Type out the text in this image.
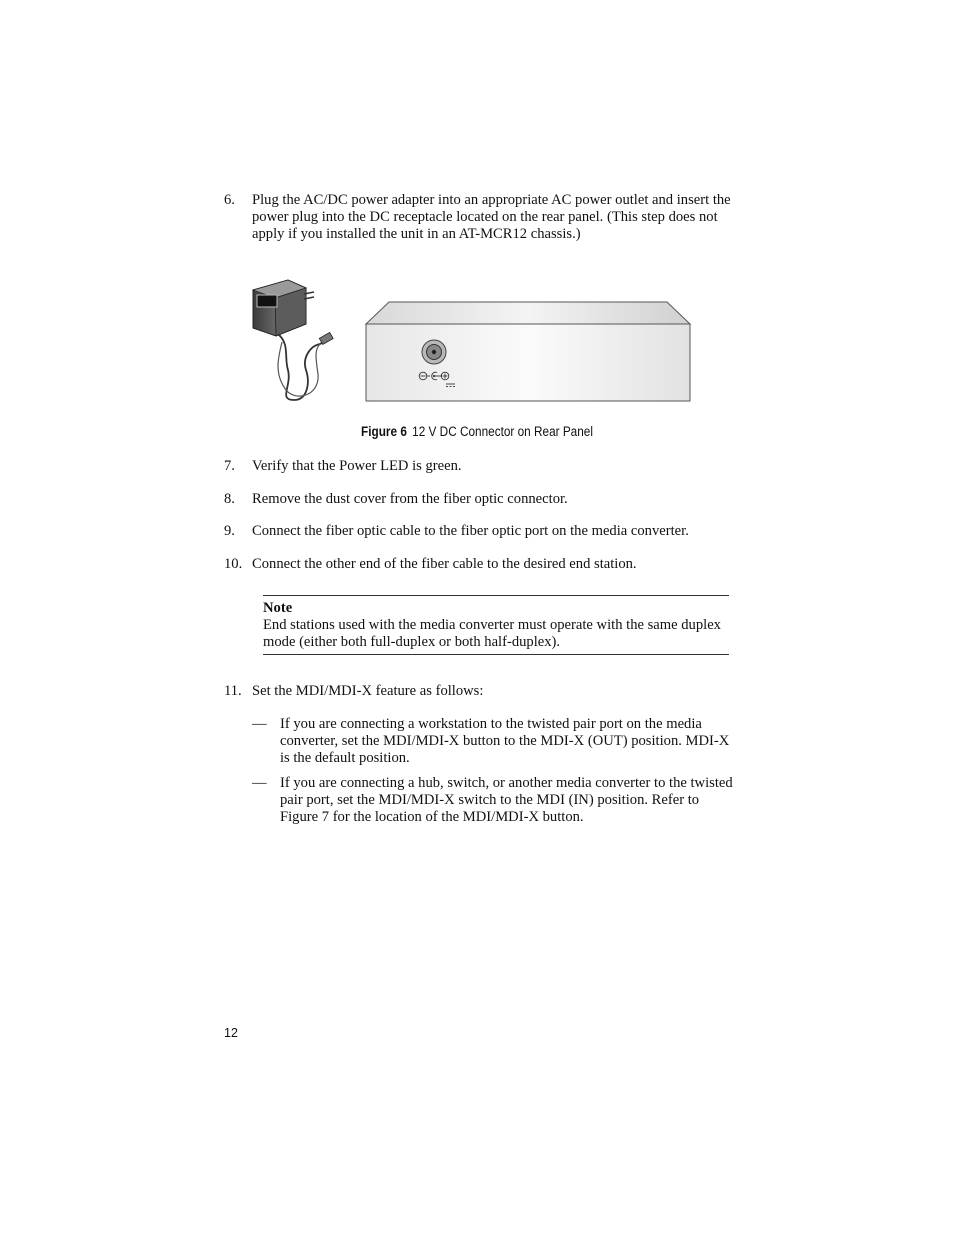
6. Plug the AC/DC power adapter into an appropriate AC power outlet and insert the power plug into the DC receptacle located on the rear panel. (This step does not apply if you installed the unit in an AT-MCR12 chassis.)
Figure 6 12 V DC Connector on Rear Panel
7. Verify that the Power LED is green.
8. Remove the dust cover from the fiber optic connector.
9. Connect the fiber optic cable to the fiber optic port on the media converter.
10. Connect the other end of the fiber cable to the desired end station.
Note
End stations used with the media converter must operate with the same duplex mode (either both full-duplex or both half-duplex).
11. Set the MDI/MDI-X feature as follows:
— If you are connecting a workstation to the twisted pair port on the media converter, set the MDI/MDI-X button to the MDI-X (OUT) position. MDI-X is the default position.
— If you are connecting a hub, switch, or another media converter to the twisted pair port, set the MDI/MDI-X switch to the MDI (IN) position. Refer to Figure 7 for the location of the MDI/MDI-X button.
12
